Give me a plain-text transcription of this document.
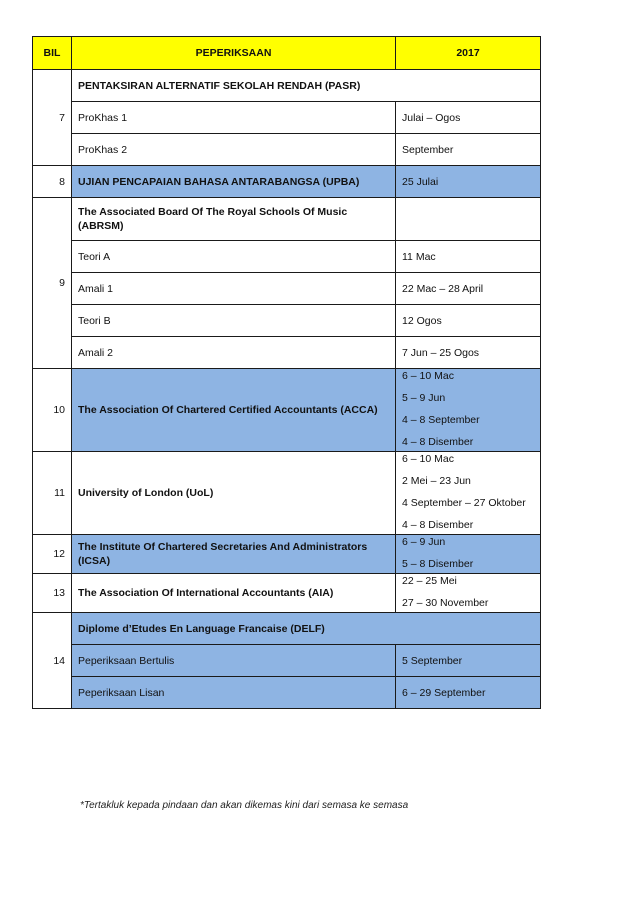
BIL	PEPERIKSAAN	2017
7	PENTAKSIRAN ALTERNATIF SEKOLAH RENDAH (PASR)	
	ProKhas 1	Julai – Ogos
	ProKhas 2	September
8	UJIAN PENCAPAIAN BAHASA ANTARABANGSA (UPBA)	25 Julai
9	The Associated Board Of The Royal Schools Of Music (ABRSM)	
	Teori A	11 Mac
	Amali 1	22 Mac – 28 April
	Teori B	12 Ogos
	Amali 2	7 Jun – 25 Ogos
10	The Association Of Chartered Certified Accountants (ACCA)	6 – 10 Mac
5 – 9 Jun
4 – 8 September
4 – 8 Disember

11	University of London (UoL)	6 – 10 Mac
2 Mei – 23 Jun
4 September – 27 Oktober
4 – 8 Disember

12	The Institute Of Chartered Secretaries And Administrators (ICSA)	6 – 9 Jun
5 – 8 Disember

13	The Association Of International Accountants (AIA)	22 – 25 Mei
27 – 30 November

14	Diplome d’Etudes En Language Francaise (DELF)	
	Peperiksaan Bertulis	5 September
	Peperiksaan Lisan	6 – 29 September
*Tertakluk kepada pindaan dan akan dikemas kini dari semasa ke semasa
